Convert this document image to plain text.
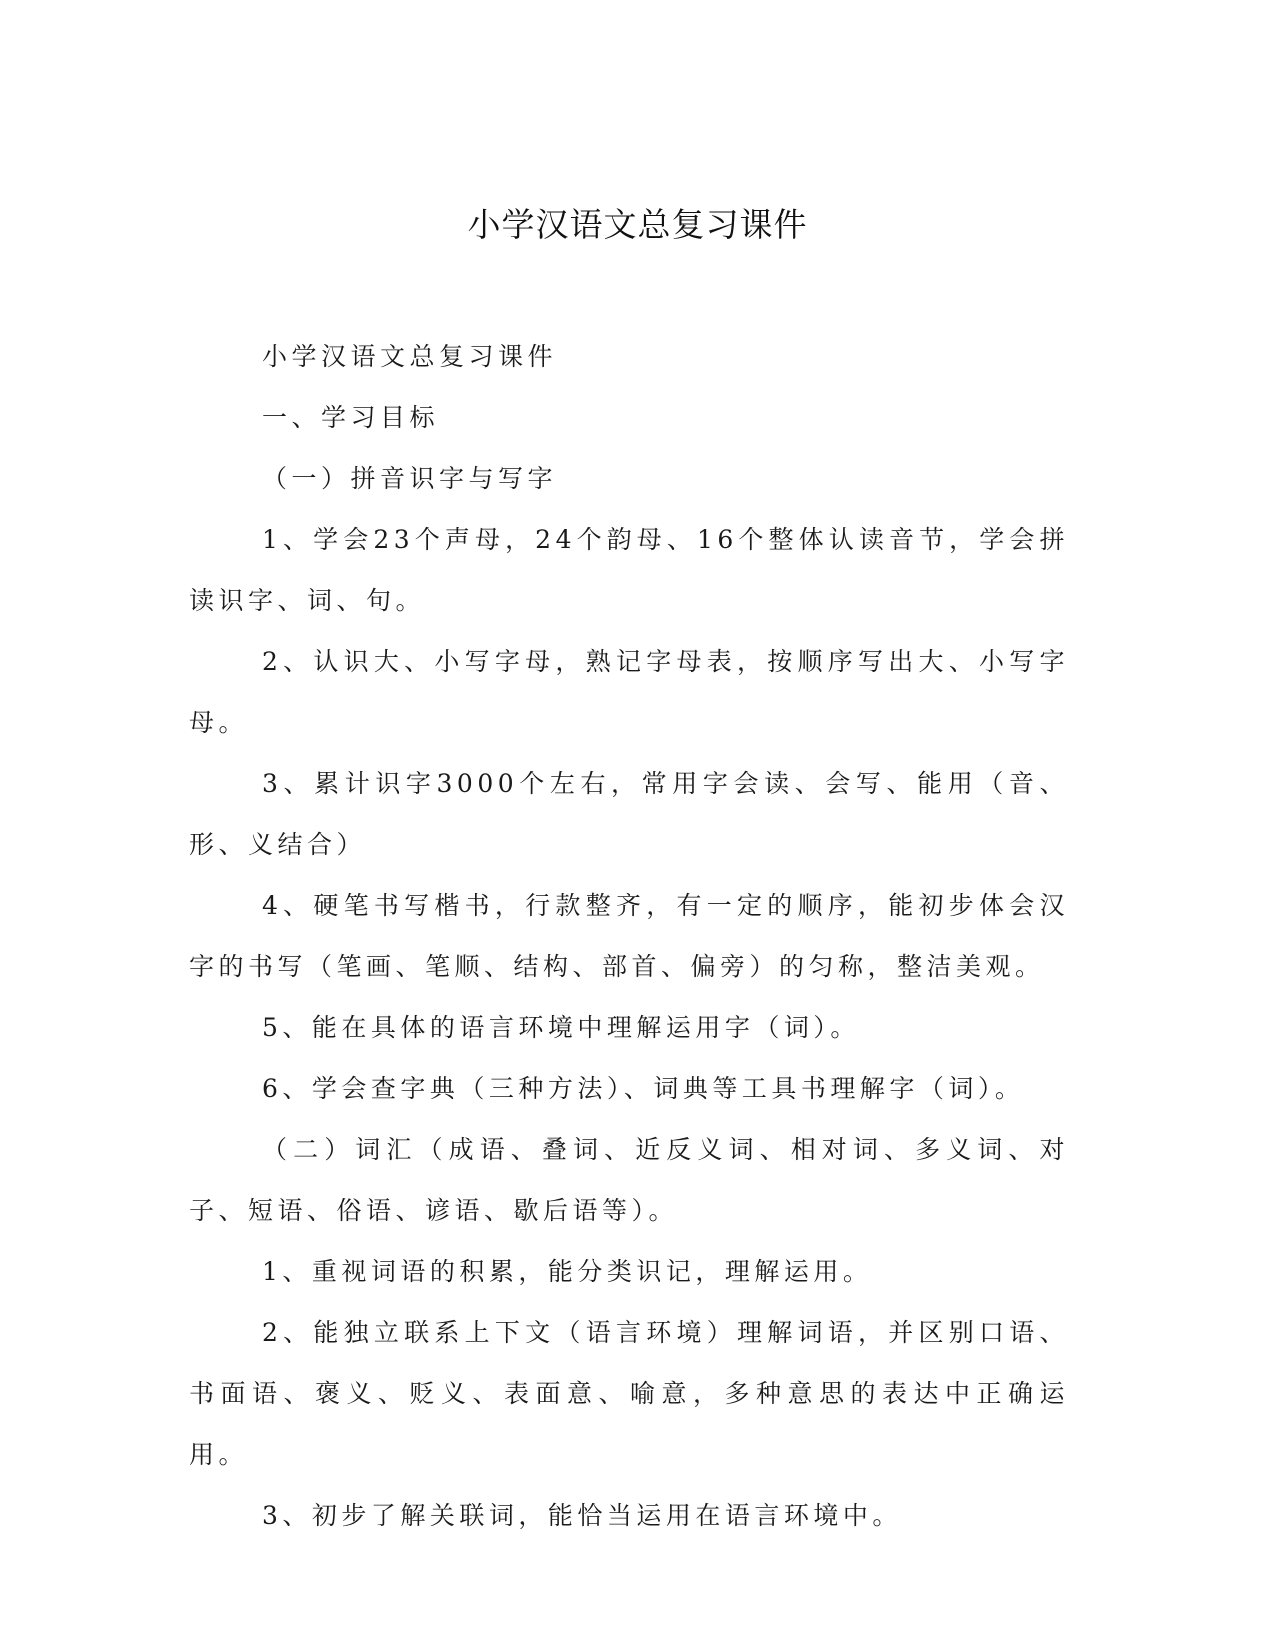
小学汉语文总复习课件

小学汉语文总复习课件

一、学习目标

（一）拼音识字与写字

1、学会23个声母，24个韵母、16个整体认读音节，学会拼读识字、词、句。

2、认识大、小写字母，熟记字母表，按顺序写出大、小写字母。

3、累计识字3000个左右，常用字会读、会写、能用（音、形、义结合）

4、硬笔书写楷书，行款整齐，有一定的顺序，能初步体会汉字的书写（笔画、笔顺、结构、部首、偏旁）的匀称，整洁美观。

5、能在具体的语言环境中理解运用字（词）。

6、学会查字典（三种方法）、词典等工具书理解字（词）。

（二）词汇（成语、叠词、近反义词、相对词、多义词、对子、短语、俗语、谚语、歇后语等）。

1、重视词语的积累，能分类识记，理解运用。

2、能独立联系上下文（语言环境）理解词语，并区别口语、书面语、褒义、贬义、表面意、喻意，多种意思的表达中正确运用。

3、初步了解关联词，能恰当运用在语言环境中。
